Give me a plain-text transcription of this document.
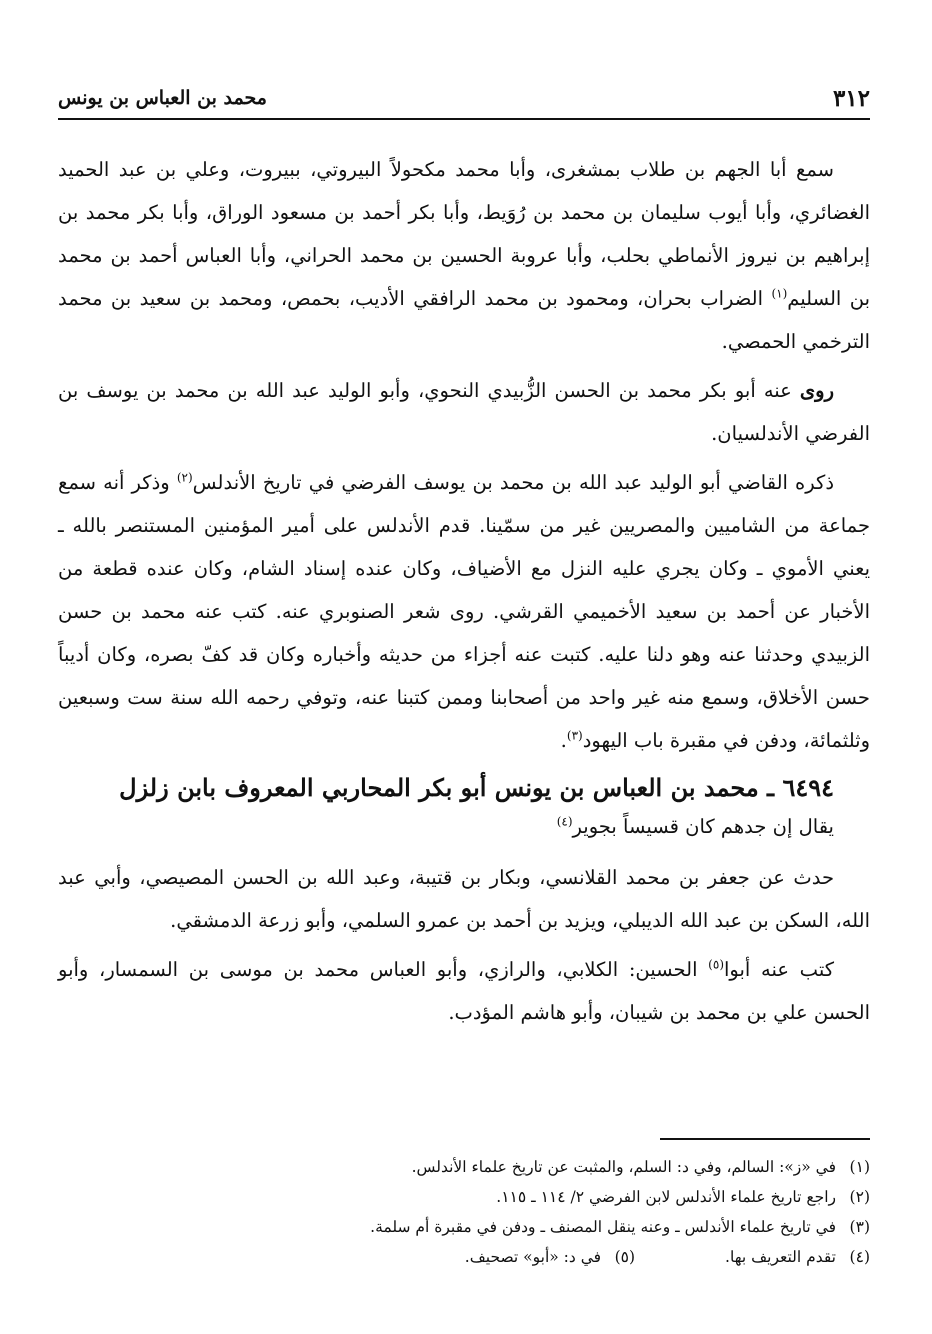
٣١٢
محمد بن العباس بن يونس

سمع أبا الجهم بن طلاب بمشغرى، وأبا محمد مكحولاً البيروتي، ببيروت، وعلي بن عبد الحميد الغضائري، وأبا أيوب سليمان بن محمد بن رُوَيط، وأبا بكر أحمد بن مسعود الوراق، وأبا بكر محمد بن إبراهيم بن نيروز الأنماطي بحلب، وأبا عروبة الحسين بن محمد الحراني، وأبا العباس أحمد بن محمد بن السليم$^{(١)}$ الضراب بحران، ومحمود بن محمد الرافقي الأديب، بحمص، ومحمد بن سعيد بن محمد الترخمي الحمصي.

روى عنه أبو بكر محمد بن الحسن الزُّبيدي النحوي، وأبو الوليد عبد الله بن محمد بن يوسف بن الفرضي الأندلسيان.

ذكره القاضي أبو الوليد عبد الله بن محمد بن يوسف الفرضي في تاريخ الأندلس$^{(٢)}$ وذكر أنه سمع جماعة من الشاميين والمصريين غير من سمّينا. قدم الأندلس على أمير المؤمنين المستنصر بالله ـ يعني الأموي ـ وكان يجري عليه النزل مع الأضياف، وكان عنده إسناد الشام، وكان عنده قطعة من الأخبار عن أحمد بن سعيد الأخميمي القرشي. روى شعر الصنوبري عنه. كتب عنه محمد بن حسن الزبيدي وحدثنا عنه وهو دلنا عليه. كتبت عنه أجزاء من حديثه وأخباره وكان قد كفّ بصره، وكان أديباً حسن الأخلاق، وسمع منه غير واحد من أصحابنا وممن كتبنا عنه، وتوفي رحمه الله سنة ست وسبعين وثلثمائة، ودفن في مقبرة باب اليهود$^{(٣)}$.

٦٤٩٤ ـ محمد بن العباس بن يونس أبو بكر المحاربي المعروف بابن زلزل
يقال إن جدهم كان قسيساً بجوير$^{(٤)}$

حدث عن جعفر بن محمد القلانسي، وبكار بن قتيبة، وعبد الله بن الحسن المصيصي، وأبي عبد الله، السكن بن عبد الله الديبلي، ويزيد بن أحمد بن عمرو السلمي، وأبو زرعة الدمشقي.

كتب عنه أبوا$^{(٥)}$ الحسين: الكلابي، والرازي، وأبو العباس محمد بن موسى بن السمسار، وأبو الحسن علي بن محمد بن شيبان، وأبو هاشم المؤدب.

(١)
في «ز»: السالم، وفي د: السلم، والمثبت عن تاريخ علماء الأندلس.
(٢)
راجع تاريخ علماء الأندلس لابن الفرضي ٢/ ١١٤ ـ ١١٥.
(٣)
في تاريخ علماء الأندلس ـ وعنه ينقل المصنف ـ ودفن في مقبرة أم سلمة.
(٤)
تقدم التعريف بها.
(٥)
في د: «أبو» تصحيف.
